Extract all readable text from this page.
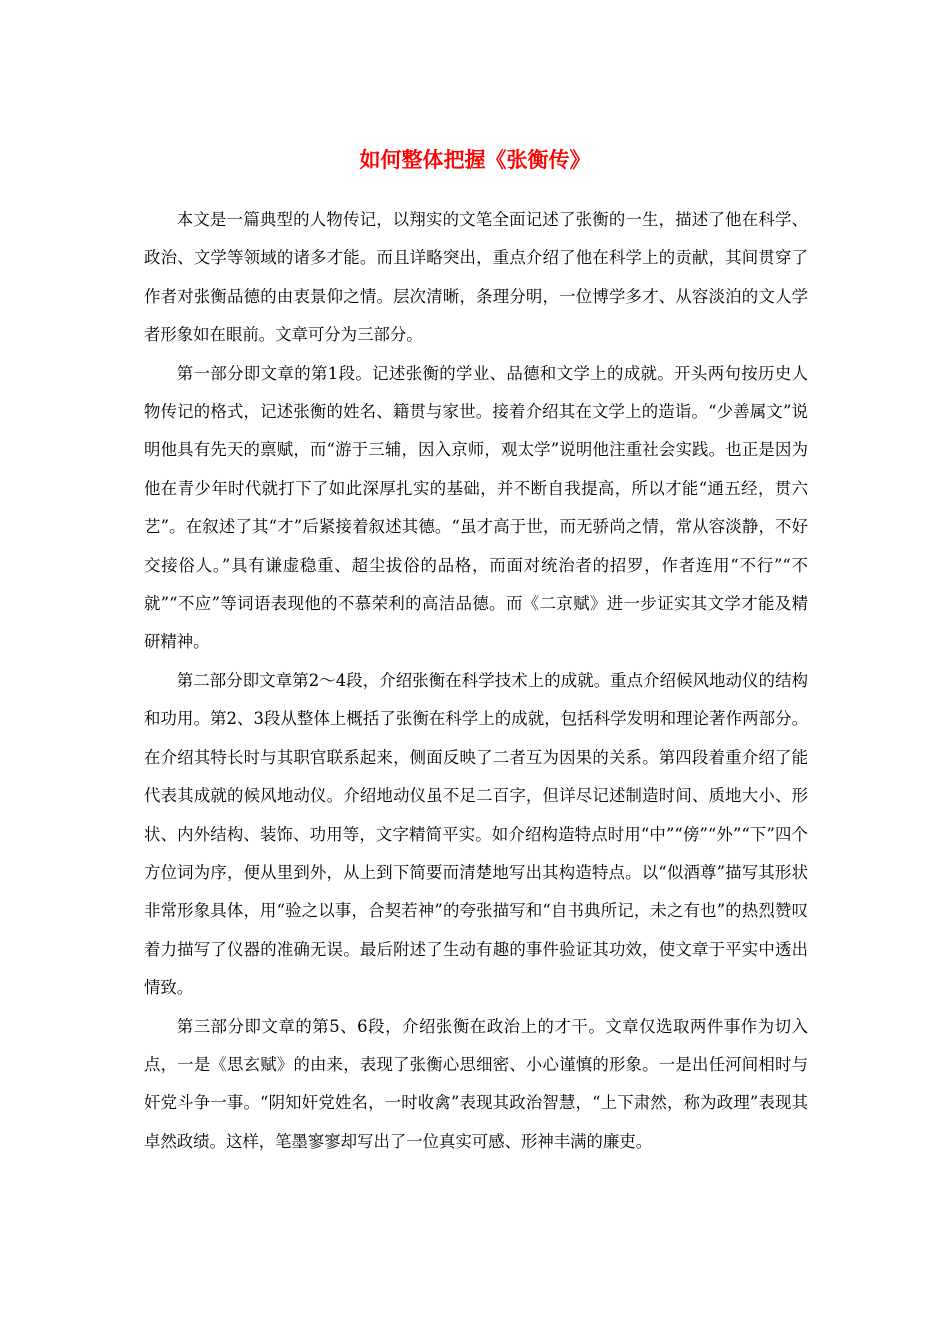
如何整体把握《张衡传》

本文是一篇典型的人物传记，以翔实的文笔全面记述了张衡的一生，描述了他在科学、政治、文学等领域的诸多才能。而且详略突出，重点介绍了他在科学上的贡献，其间贯穿了作者对张衡品德的由衷景仰之情。层次清晰，条理分明，一位博学多才、从容淡泊的文人学者形象如在眼前。文章可分为三部分。

第一部分即文章的第1段。记述张衡的学业、品德和文学上的成就。开头两句按历史人物传记的格式，记述张衡的姓名、籍贯与家世。接着介绍其在文学上的造诣。“少善属文”说明他具有先天的禀赋，而“游于三辅，因入京师，观太学”说明他注重社会实践。也正是因为他在青少年时代就打下了如此深厚扎实的基础，并不断自我提高，所以才能“通五经，贯六艺”。在叙述了其“才”后紧接着叙述其德。“虽才高于世，而无骄尚之情，常从容淡静，不好交接俗人。”具有谦虚稳重、超尘拔俗的品格，而面对统治者的招罗，作者连用“不行”“不就”“不应”等词语表现他的不慕荣利的高洁品德。而《二京赋》进一步证实其文学才能及精研精神。

第二部分即文章第2～4段，介绍张衡在科学技术上的成就。重点介绍候风地动仪的结构和功用。第2、3段从整体上概括了张衡在科学上的成就，包括科学发明和理论著作两部分。在介绍其特长时与其职官联系起来，侧面反映了二者互为因果的关系。第四段着重介绍了能代表其成就的候风地动仪。介绍地动仪虽不足二百字，但详尽记述制造时间、质地大小、形状、内外结构、装饰、功用等，文字精简平实。如介绍构造特点时用“中”“傍”“外”“下”四个方位词为序，便从里到外，从上到下简要而清楚地写出其构造特点。以“似酒尊”描写其形状非常形象具体，用“验之以事，合契若神”的夸张描写和“自书典所记，未之有也”的热烈赞叹着力描写了仪器的准确无误。最后附述了生动有趣的事件验证其功效，使文章于平实中透出情致。

第三部分即文章的第5、6段，介绍张衡在政治上的才干。文章仅选取两件事作为切入点，一是《思玄赋》的由来，表现了张衡心思细密、小心谨慎的形象。一是出任河间相时与奸党斗争一事。“阴知奸党姓名，一时收禽”表现其政治智慧，“上下肃然，称为政理”表现其卓然政绩。这样，笔墨寥寥却写出了一位真实可感、形神丰满的廉吏。
